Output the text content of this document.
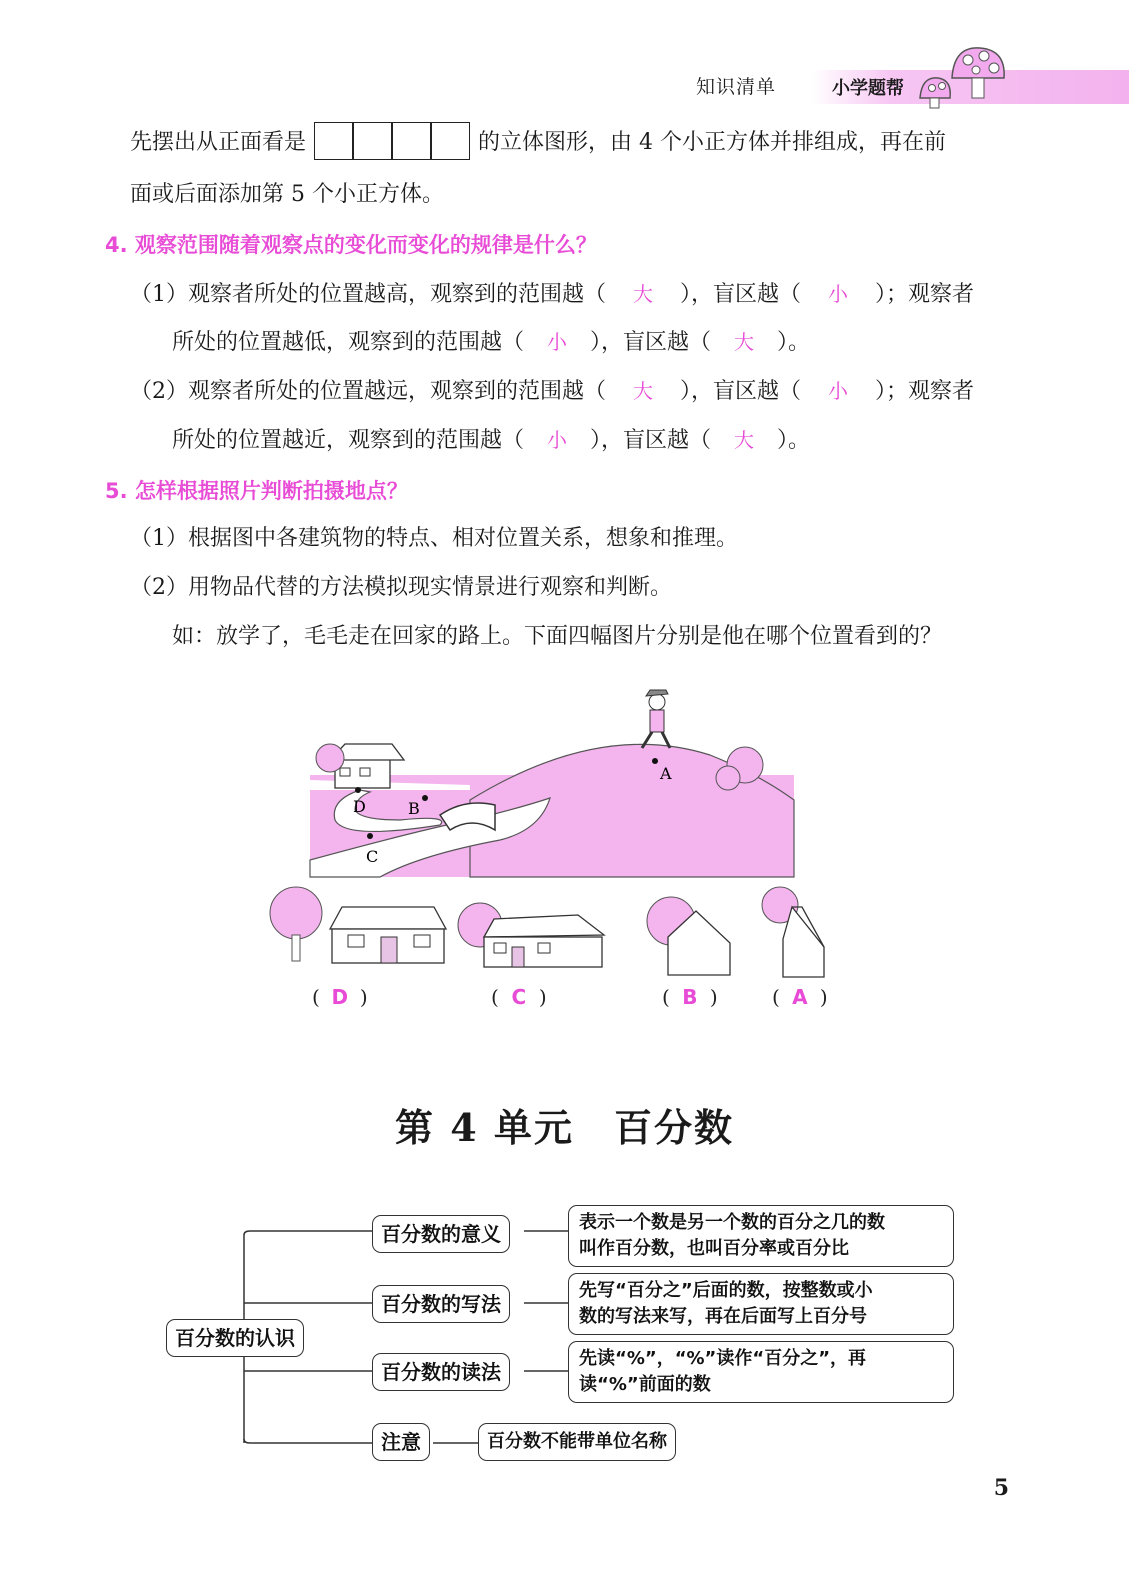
知识清单	小学题帮
先摆出从正面看是	的立体图形，由 4 个小正方体并排组成，再在前
面或后面添加第 5 个小正方体。
4. 观察范围随着观察点的变化而变化的规律是什么？
（1）观察者所处的位置越高，观察到的范围越（ 大 ），盲区越（ 小 ）；观察者
所处的位置越低，观察到的范围越（ 小 ），盲区越（ 大 ）。
（2）观察者所处的位置越远，观察到的范围越（ 大 ），盲区越（ 小 ）；观察者
所处的位置越近，观察到的范围越（ 小 ），盲区越（ 大 ）。
5. 怎样根据照片判断拍摄地点？
（1）根据图中各建筑物的特点、相对位置关系，想象和推理。
（2）用物品代替的方法模拟现实情景进行观察和判断。
如：放学了，毛毛走在回家的路上。下面四幅图片分别是他在哪个位置看到的？
A
B
C
D
( D )	( C )	( B )	( A )
第 4 单元　百分数
百分数的认识
百分数的意义	表示一个数是另一个数的百分之几的数
叫作百分数，也叫百分率或百分比
百分数的写法
先写“百分之”后面的数，按整数或小
数的写法来写，再在后面写上百分号
百分数的读法
先读“%”，“%”读作“百分之”，再
读“%”前面的数
注意	百分数不能带单位名称
5
